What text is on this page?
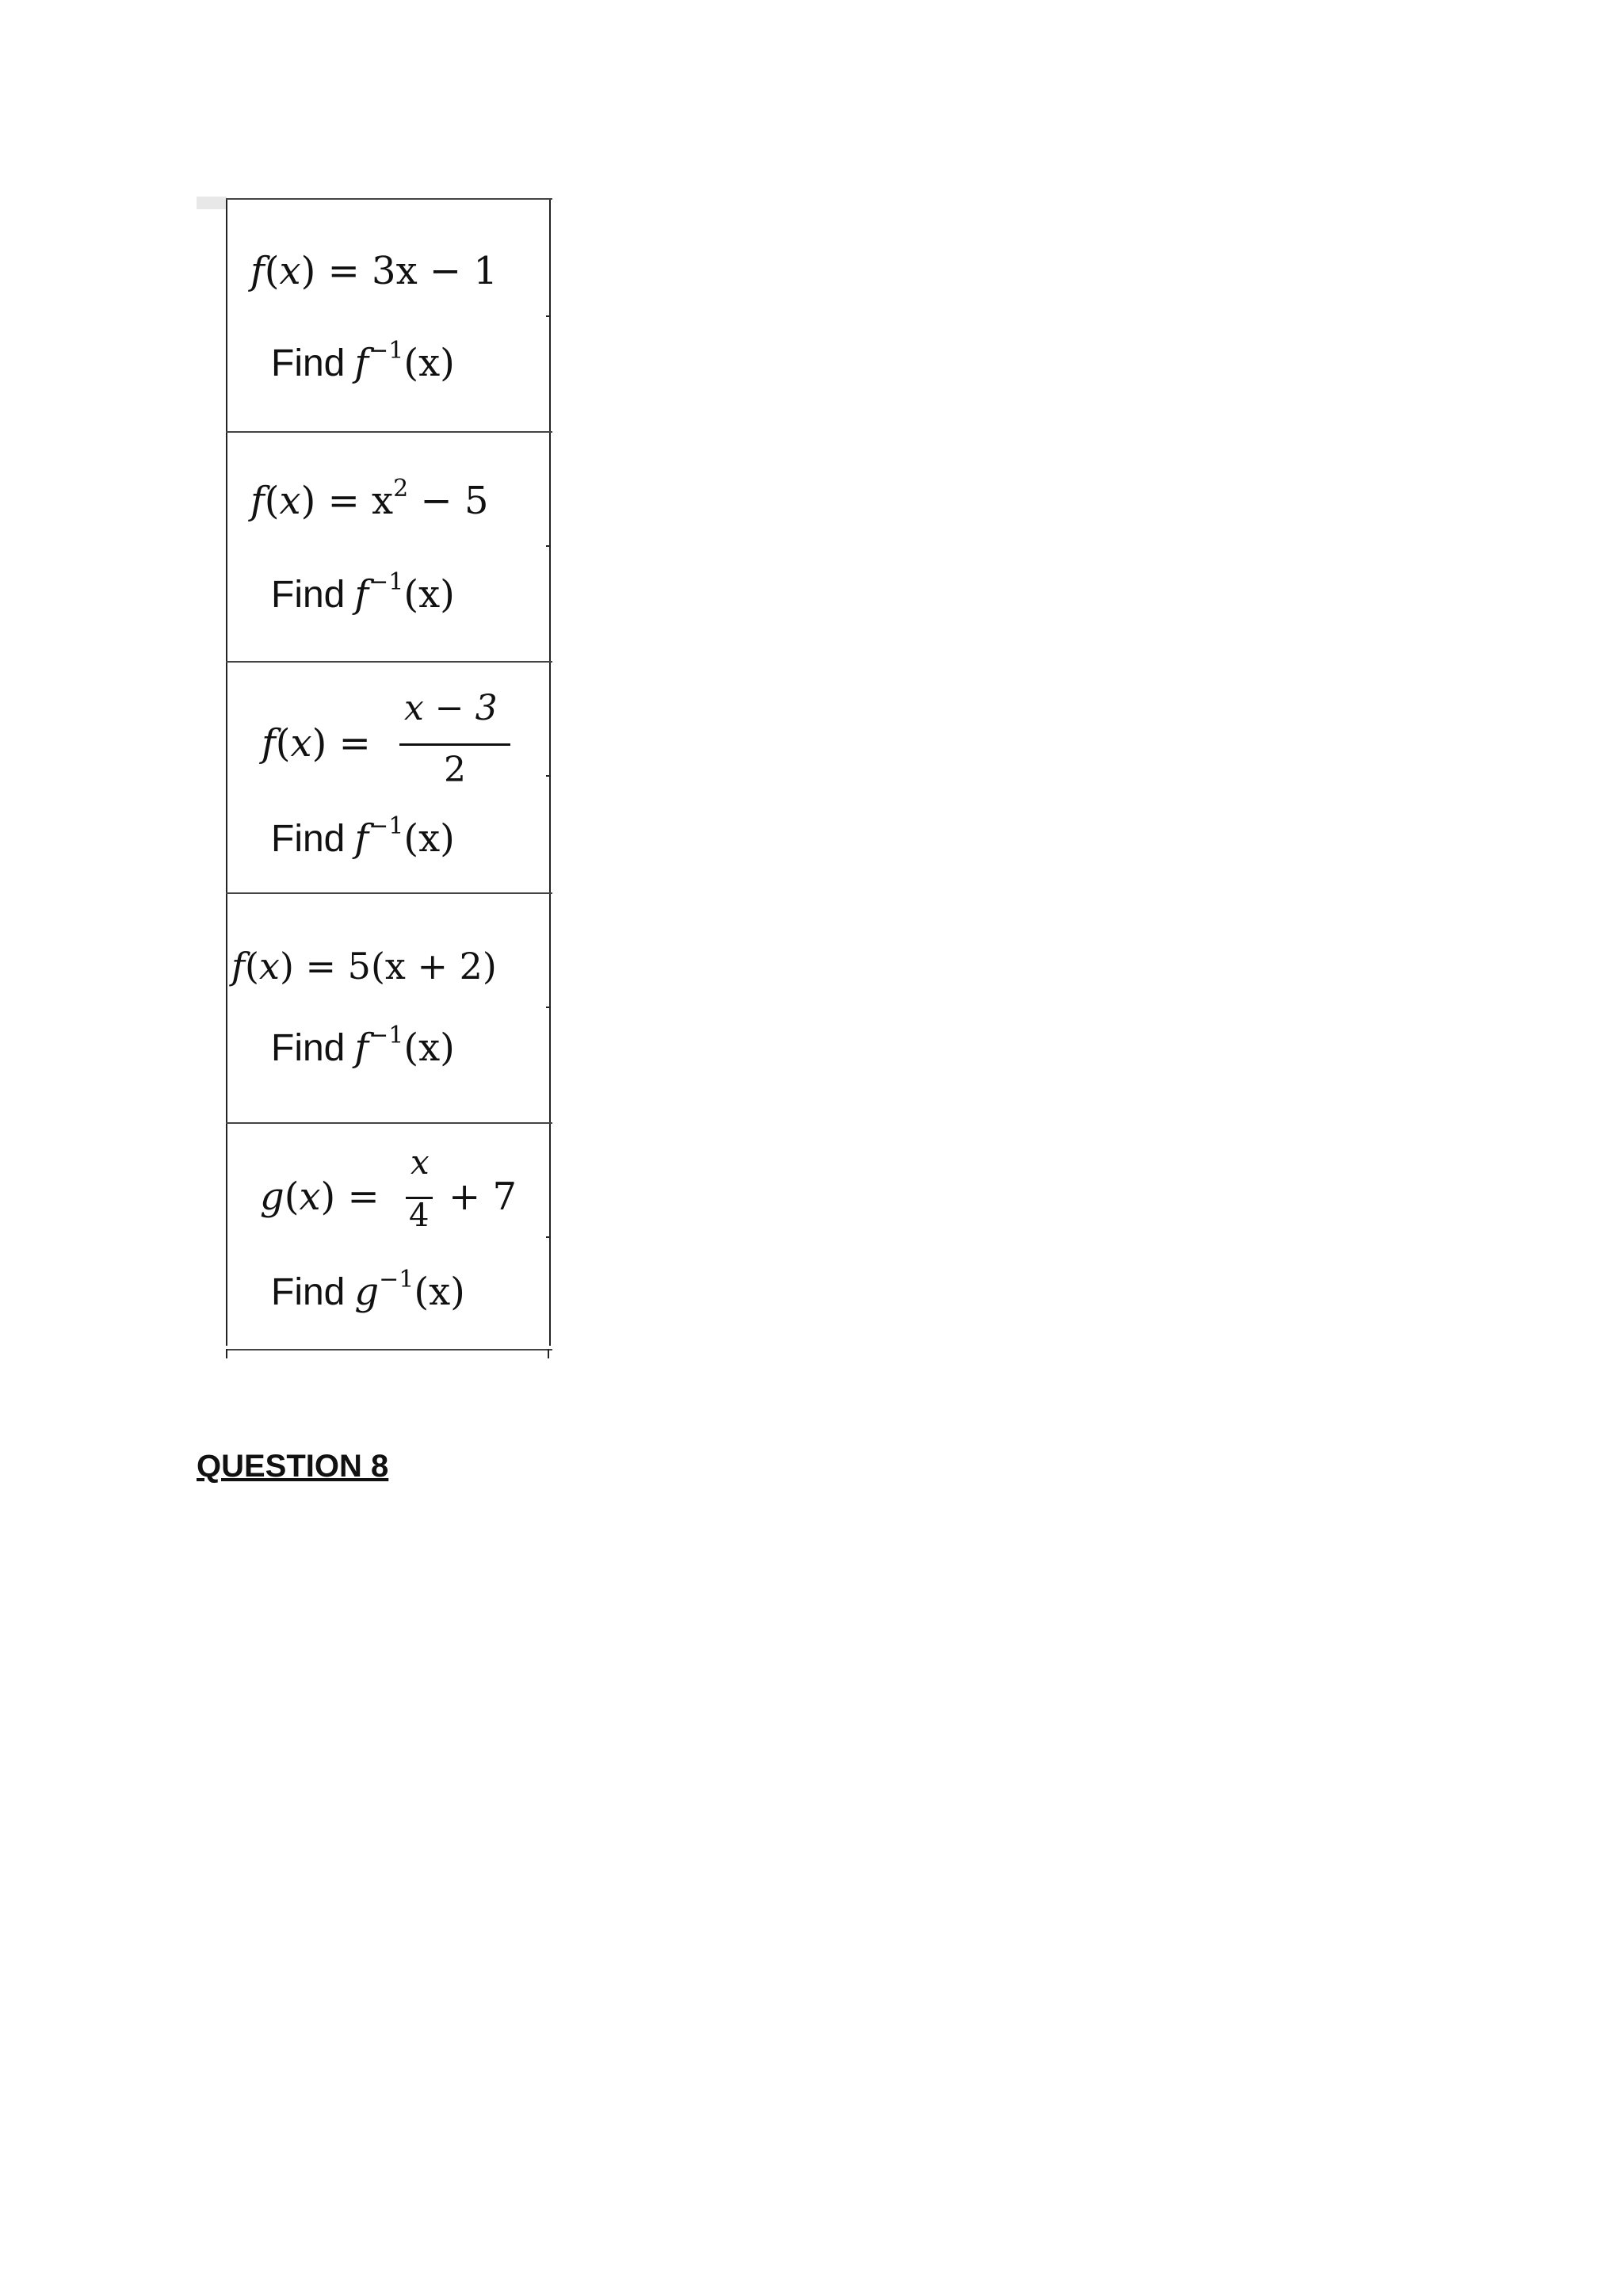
f(x) = 3x − 1
Find $f^{-1}(x)$
$f(x) = x^2 - 5$
Find $f^{-1}(x)$
f(x) =
x − 3
2
Find $f^{-1}(x)$
f(x) = 5(x + 2)
Find $f^{-1}(x)$
g(x) =
x
4 + 7
Find $g^{-1}(x)$
QUESTION 8
